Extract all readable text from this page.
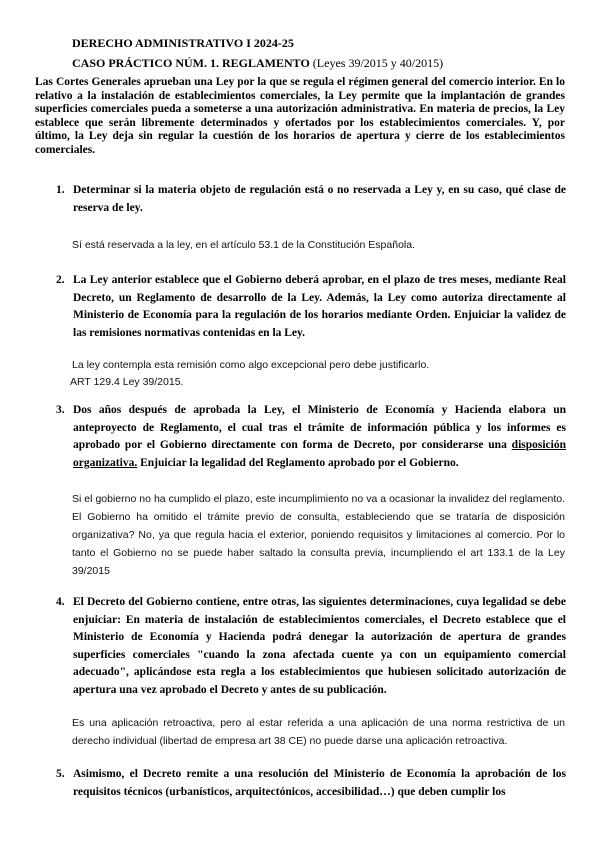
DERECHO ADMINISTRATIVO I 2024-25
CASO PRÁCTICO NÚM. 1. REGLAMENTO (Leyes 39/2015 y 40/2015)
Las Cortes Generales aprueban una Ley por la que se regula el régimen general del comercio interior. En lo relativo a la instalación de establecimientos comerciales, la Ley permite que la implantación de grandes superficies comerciales pueda a someterse a una autorización administrativa. En materia de precios, la Ley establece que serán libremente determinados y ofertados por los establecimientos comerciales. Y, por último, la Ley deja sin regular la cuestión de los horarios de apertura y cierre de los establecimientos comerciales.
1. Determinar si la materia objeto de regulación está o no reservada a Ley y, en su caso, qué clase de reserva de ley.
Sí está reservada a la ley, en el artículo 53.1 de la Constitución Española.
2. La Ley anterior establece que el Gobierno deberá aprobar, en el plazo de tres meses, mediante Real Decreto, un Reglamento de desarrollo de la Ley. Además, la Ley como autoriza directamente al Ministerio de Economía para la regulación de los horarios mediante Orden. Enjuiciar la validez de las remisiones normativas contenidas en la Ley.
La ley contempla esta remisión como algo excepcional pero debe justificarlo.
ART 129.4 Ley 39/2015.
3. Dos años después de aprobada la Ley, el Ministerio de Economía y Hacienda elabora un anteproyecto de Reglamento, el cual tras el trámite de información pública y los informes es aprobado por el Gobierno directamente con forma de Decreto, por considerarse una disposición organizativa. Enjuiciar la legalidad del Reglamento aprobado por el Gobierno.
Si el gobierno no ha cumplido el plazo, este incumplimiento no va a ocasionar la invalidez del reglamento. El Gobierno ha omitido el trámite previo de consulta, estableciendo que se trataría de disposición organizativa? No, ya que regula hacia el exterior, poniendo requisitos y limitaciones al comercio. Por lo tanto el Gobierno no se puede haber saltado la consulta previa, incumpliendo el art 133.1 de la Ley 39/2015
4. El Decreto del Gobierno contiene, entre otras, las siguientes determinaciones, cuya legalidad se debe enjuiciar: En materia de instalación de establecimientos comerciales, el Decreto establece que el Ministerio de Economía y Hacienda podrá denegar la autorización de apertura de grandes superficies comerciales "cuando la zona afectada cuente ya con un equipamiento comercial adecuado", aplicándose esta regla a los establecimientos que hubiesen solicitado autorización de apertura una vez aprobado el Decreto y antes de su publicación.
Es una aplicación retroactiva, pero al estar referida a una aplicación de una norma restrictiva de un derecho individual (libertad de empresa art 38 CE) no puede darse una aplicación retroactiva.
5. Asimismo, el Decreto remite a una resolución del Ministerio de Economía la aprobación de los requisitos técnicos (urbanísticos, arquitectónicos, accesibilidad…) que deben cumplir los
